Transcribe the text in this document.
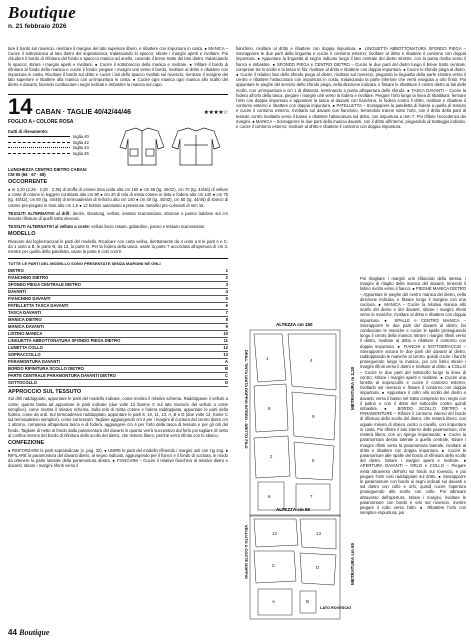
Boutique
n. 21 febbraio 2026

tare il bordo sul rovescio, rientrare il margine del lato superiore libero, e ribattere con impuntura in costa. ● MANICA – Cucire il sottomanica al lato dietro del sopramanica, tralasciando lo spacco; stirare i margini aperti e rivoltare. Poi chiudere il bordo di rifinitura del fondo e spaccco manica ad anello, cucendo il breve tratto del lato dietro, tralasciando lo spacco; stirare i margini aperti e rivoltare. ● Cucire il sottobraccio della manica e rivoltare. ● Infilare il bordo di rifinitura al fondo della manica e cucire il fondo; piegare i margini unti verso il bordo, rivoltare al dritto e ribattere con impuntura in costa. Rivoltare il bordo sul dritto e cucire i lati dello spacco rivoltati sul rovescio; rientrare il margine del lato superiore e ribattere alla manica con un'impuntura in costa. ● Cucire ogni manica ogni manica allo scalfo del dietro e davanti, facendo combaciare i segni indicati e imbastire la manica sul capo.

14 CABAN · TAGLIE 40/42/44/46	★★★★☆
FOGLIO A • COLORE ROSA
tratti di rilevamento:
taglia 40
taglia 42
taglia 44
taglia 46
LUNGHEZZA CENTRO DIETRO CABAN:
CM 65 (66 · 67 · 68)
OCCORRENTE

● m 2,20 (2,25 · 2,30 · 2,35) di stoffa di cotone tinta unita alto cm 150 ● cm 65 (tg. 40/42), cm 70 (tg. 44/46) di velluto a coste di cotone in leggero contrasto alto cm 90 ● cm 20 di tela di mista cotone in tinta e fodera alto cm 140 ● cm 75 (tg. 40/42), cm 80 (tg. 44/46) di termoadesivo di rinforzo alto cm 140 ● cm 40 (tg. 40/42), cm 50 (tg. 44/46) di sbieco di cotone pre-piegato in tinta alto cm 1,5 ● 12 bottoni automatici a pressione metallici pre-coloranti di mm 15.

TESSUTI ALTERNATIVI al drill: denim, shantung, velluto, tessuto scamosciato, ottoman o panno laddove sul cm lessato rifiniture di quelli sotto elencati.

TESSUTI ALTERNATIVI al velluto a coste: velluto liscio rasato, gabardine, panno e tessuto scamosciato.

MODELLO

Ricavare dal foglio-tracciati le parti del modello. Ricalcare con carta velina, direttamente da 4 unito a 8 le parti A e C, da 1 unito a B, le parte B; da 13, la parte D. Per la fodera della tasca, usare la parte 7 accorciata all'apertura di cm 3, mentre per quella della patelletta, usare la parte 6 così com'è.

TUTTE LE PARTI DEL MODELLO SONO PRESENTATE SENZA MARGINI NÉ ORLI
DIETRO	1
FIANCHINO DIETRO	2
SFONDO PIEGA CENTRALE DIETRO	3
DAVANTI	4
FIANCHINO DAVANTI	5
PATELLETTA TASCA DAVANTI	6
TASCA DAVANTI	7
MANICA DIETRO	8
MANICA DAVANTI	9
LISTINO MANICA	10
LINGUETTA ABBOTTONATURA SFONDO PIEGA DIETRO	11
LUNETTA COLLO	12
SOPRACCOLLO	13
PARAMONTURA DAVANTI	A
BORDO RIFINITURA SCOLLO DIETRO	B
PARTE CENTRALE PARAMONTURA DAVANTI DIETRO	C
SOTTOCOLLO	D
APPROCCIO SUL TESSUTO

Sul drill raddoppiato, appuntare le parti del modello indicate, come mostra il relativo schema. Raddoppiare il velluto a coste, quanto basta ad appuntare le parti indicate (due volte 12 fianme C sul lato rovescio del velluto a coste semplice), come mostra il relativo schema. Sulla tela di mista cotone e fodera raddoppiata, appuntare le parti della fodera, come da ordi. Sul termoadesivo raddoppiato, appuntare le parti 6, 10, 11, 13, A, B e D (due volte 12, frame C sul termoadesivo semplice), come sul tessuto. Tagliare aggiungendo cm 2 per i margini di cucitura del centro dietro cm 1 attorno, compreso all'apertura tasca e di fodera, aggiungere cm 4 per l'orlo della tasca di tessuto e per gli orli del fondo. Tagliare di netto al fondo dalla paramontura del davanti in quanto verrà successivo dal forlo poi tagliare di netto al confine interno del bordo di rifinitura dello scollo del dietro, che restera libero, perché verrà rifinito con lo sbieco.

CONFEZIONE

● RINFORZARE le parti sopraindicate (v. pag. 32). ● UNIRE le parti del modello rifinendo i margini unti con zig zag. ● RIFILARE la paramontura del davanti dietro, al segno indicato, aggiungendo per il fianco e il fondo di cucitura, in modo da ottenere la parte laterale della paramontura destra. ● FIANCHINI – Cucire il relativo fianchino al relativo dietro e davanti; stirare i margini riferiti verso il

fianchino, rivoltare al dritto e ribattere con doppia impuntura. ● LINGUETTA ABBOTTONATURA SFONDO PIEGA – Sovrapporre le due parti della linguetta e cucire il contorno esterno; rivoltare al dritto e ribattere il contorno con doppia impuntura. ● Appuntare la linguetta al segno indicato lungo il lato centrale del dietro sinistro, con la punta rivolta verso il fianco e imbastire. ● SFONDO PIEGA e CENTRO DIETRO – Cucire le due parti del dietro lungo il breve tratto centrale, comprese tra lo scollo e la tasca in filo; rivoltare al dritto e ribattere con doppia impuntura. ● Cucire lo sfondo piega al dietro. ● Cucire il relativo lato dello sfondo piega al dietro, rivoltato sul rovescio, piegando la linguetta della parte sinistra verso il centro e ribattere l'attaccatura con impuntura in costa, tralasciando la parte inferiore che verrà eseguita a orlo finito. Poi appuntare le pieghe del servizio dello sfondo piega, nella direzione indicata, e fissare le ribattiture il centro dietro ai lati dello scollo, con un'impuntura a cm 1 di distanza, terminando a punta all'apertura dello sfondo. ● TASCA DAVANTI – Cucire la fodera all'orlo della tasca, piegare i margini unti verso la fodera e rivoltare. Piegare l'orlo lungo la linea di ribattitura: fermare l'orlo con doppia impuntura e appuntare la tasca al davanti con fianchino, lo fodera contro il dritto, rivoltare e ribattere il contorno esterno e ribattere con doppia impuntura. ● PATELLETTA – Sovrapporre la patelletta di fodera a quella di tessuto e cucire il contorno esterno, rivoltarla sul davanti con fianchino, ternendolo tranne sotto l'orlo, con il dritto della parti di tessuto contro rivoltarla verso il basso e ribattere l'attaccatura sul dritto, con impuntura a mm 7. Poi rifilare l'eccedenza dei margini. ● MANICA – Sovrapporre le due parti della manica davanti, con il dritto all'interno, piegandolo al tratteggio indicato, e cucire il contorno esterno; rivoltare al dritto e ribattere il contorno con doppia impuntura.

ALTEZZA cm 150
1	4
8
9
2
5
6	7
DRILL TINTA UNITA DOPPIO INTERO - DRITTO FILO	METRATURA m 2,20
ALTEZZA cm 90
12	13
C	D
A	B
VELLUTO A COSTE DOPPIO
LATO ROVESCIO
METRATURA cm 65
Poi ritagliare i margini unti sfilacciati della stessa, i margini di ritaglio della manica del davanti, tenendo il listino rivolto verso il fianco. ● PIEGHE MANICA DIETRO – Appuntare le pieghe del centro manica del dietro, nella direzione indicata, e fissare lungo il margine con una cucitura. ● MANICA – Cucire la relativa manica allo scalfo del dietro e del davanti, stirare i margini riferiti verso le maniche, rivoltare al dritto e ribattere con doppia impuntura. ● SPALLE e CENTRO MANICA – Sovrapporre le due parti del davanti al dietro, far combaciare le maniche e cucire le spalle proseguendo lungo il centro della manica; stirare i margini rifiniti verso il dietro, rivoltare al dritto e ribattere il contorno con doppia impuntura. ● FIANCHI e SOTTOBRACCIO – Sovrapporre ancora le due parti del davanti al dietro, raddoppiando le maniche al centro, quindi cucire i fianchi proseguendo lungo la manica, poi con listini stirare i margini rifiniti verso il dietro e rivoltare al dritto. ● COLLO – Cucire le due parti del sottocollo lungo la linea di centro; stirare i margini aperti e rivoltare. ● Cucire una lunetta al sopraccollo e cucire il contorno esterno, rivoltarlo sul rovescio e fissare il contorno con doppia impuntura. ● Appuntare il collo allo scollo del dietro e davanti, verso il basso nel tratto compreso tra i segni con il palino e con il dritto del sottocollo contro quindi imbastire. ● BORDO SCOLLO DIETRO e PARAMONTURE – Rifinire il contorno interno del bordo di rifinitura dello scollo del dietro, che resterà libero, con uguale misura di sbieco cucito a cavallo, con impuntura in costa. Poi rifinire il lato interno delle paramonture, che resterà libero, con un ripiego impunturato. ● Cucire la paramontura destra laterale a quella centrale, stirare i margini rifiniti verso la paramontura laterale, rivoltare al dritto e ribattere con doppia impuntura. ● Cucire le paramonture alle spalle del bordo di rifinitura dello scollo del dietro. Stirare i margini aperti e rivoltare. ● APERTURA DAVANTI – ORLO e COLLO – Piegare metà attraverso dell'orlo sul fondo sul rovescio, e poi piegare l'orlo così raddoppiato sul dritto. ● Sovrapporre le paramonture con bordo ai segni indicati sul davanti e sul dietro con collo e orlo, quindi cucire l'apertura proseguendo allo scollo con collo. Poi allineare attraverso dell'apertura, stirare i margini, rivoltare le paramonture con bordo e orlo sul rovescio, mentre piegare il collo verso l'alto. ● Ribattere l'orlo con semplice impuntura; poi
44 Boutique
